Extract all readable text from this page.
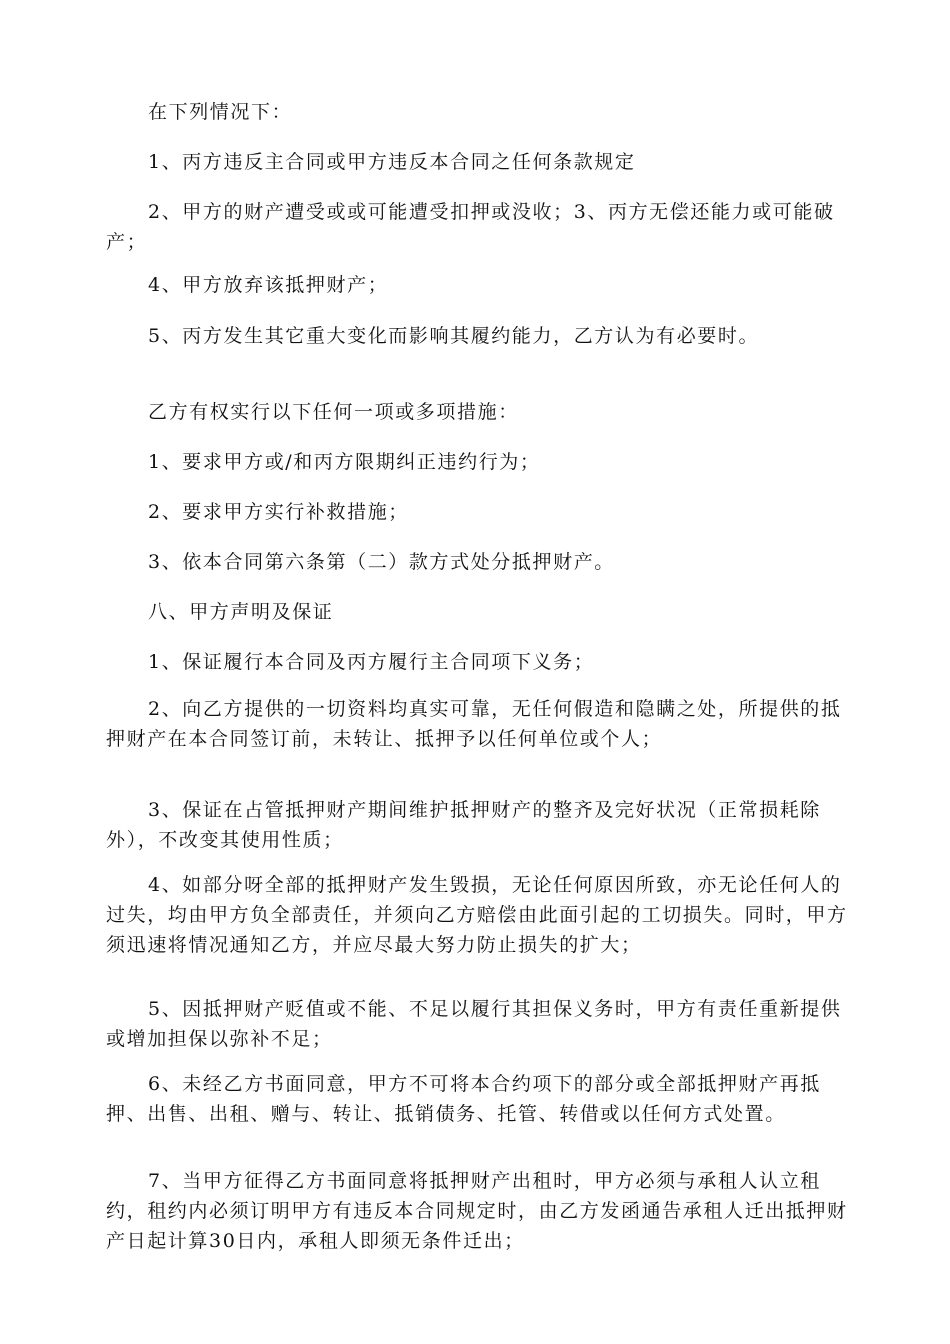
在下列情况下：

1、丙方违反主合同或甲方违反本合同之任何条款规定

2、甲方的财产遭受或或可能遭受扣押或没收；3、丙方无偿还能力或可能破产；

4、甲方放弃该抵押财产；

5、丙方发生其它重大变化而影响其履约能力，乙方认为有必要时。

乙方有权实行以下任何一项或多项措施：

1、要求甲方或/和丙方限期纠正违约行为；

2、要求甲方实行补救措施；

3、依本合同第六条第（二）款方式处分抵押财产。

八、甲方声明及保证

1、保证履行本合同及丙方履行主合同项下义务；

2、向乙方提供的一切资料均真实可靠，无任何假造和隐瞒之处，所提供的抵押财产在本合同签订前，未转让、抵押予以任何单位或个人；

3、保证在占管抵押财产期间维护抵押财产的整齐及完好状况（正常损耗除外），不改变其使用性质；

4、如部分呀全部的抵押财产发生毁损，无论任何原因所致，亦无论任何人的过失，均由甲方负全部责任，并须向乙方赔偿由此面引起的工切损失。同时，甲方须迅速将情况通知乙方，并应尽最大努力防止损失的扩大；

5、因抵押财产贬值或不能、不足以履行其担保义务时，甲方有责任重新提供或增加担保以弥补不足；

6、未经乙方书面同意，甲方不可将本合约项下的部分或全部抵押财产再抵押、出售、出租、赠与、转让、抵销债务、托管、转借或以任何方式处置。

7、当甲方征得乙方书面同意将抵押财产出租时，甲方必须与承租人认立租约，租约内必须订明甲方有违反本合同规定时，由乙方发函通告承租人迁出抵押财产日起计算30日内，承租人即须无条件迁出；
